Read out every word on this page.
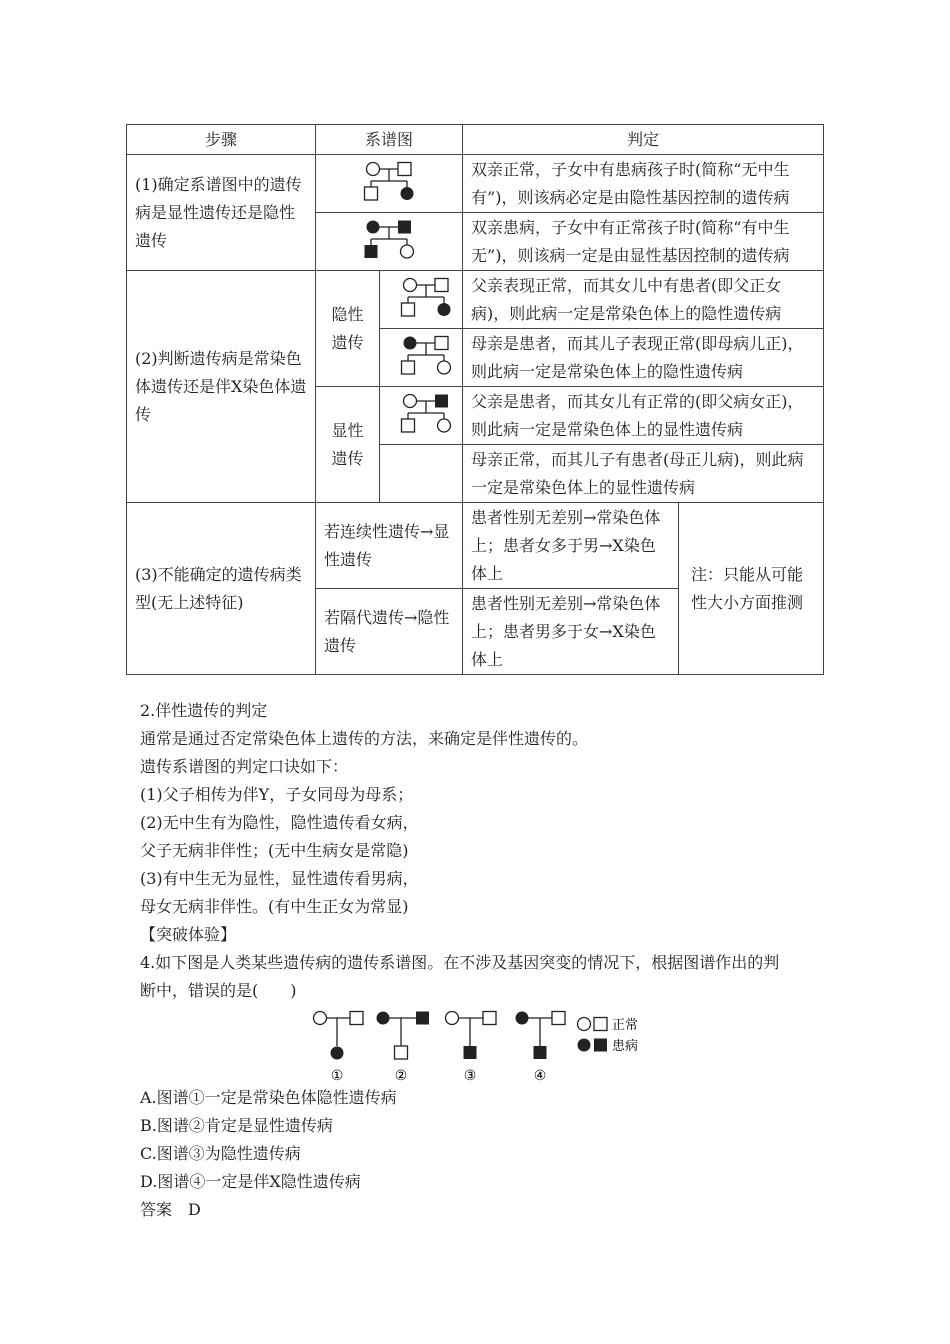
步骤	系谱图		判定	
(1)确定系谱图中的遗传病是显性遗传还是隐性遗传			双亲正常，子女中有患病孩子时(简称“无中生有”)，则该病必定是由隐性基因控制的遗传病	

	双亲患病，子女中有正常孩子时(简称“有中生无”)，则该病一定是由显性基因控制的遗传病	
(2)判断遗传病是常染色体遗传还是伴X染色体遗传	隐性遗传		父亲表现正常，而其女儿中有患者(即父正女病)，则此病一定是常染色体上的隐性遗传病	

	母亲是患者，而其儿子表现正常(即母病儿正)，则此病一定是常染色体上的隐性遗传病	
	显性遗传		父亲是患者，而其女儿有正常的(即父病女正)，则此病一定是常染色体上的显性遗传病	
			母亲正常，而其儿子有患者(母正儿病)，则此病一定是常染色体上的显性遗传病	
(3)不能确定的遗传病类型(无上述特征)	若连续性遗传→显性遗传		患者性别无差别→常染色体上；患者女多于男→X染色体上	注：只能从可能性大小方面推测
	若隔代遗传→隐性遗传		患者性别无差别→常染色体上；患者男多于女→X染色体上	
2.伴性遗传的判定
通常是通过否定常染色体上遗传的方法，来确定是伴性遗传的。
遗传系谱图的判定口诀如下：
(1)父子相传为伴Y，子女同母为母系；
(2)无中生有为隐性，隐性遗传看女病，
父子无病非伴性；(无中生病女是常隐)
(3)有中生无为显性，显性遗传看男病，
母女无病非伴性。(有中生正女为常显)
【突破体验】
4.如下图是人类某些遗传病的遗传系谱图。在不涉及基因突变的情况下，根据图谱作出的判
断中，错误的是(　　)
①	②	③	④
正常
患病
A.图谱①一定是常染色体隐性遗传病
B.图谱②肯定是显性遗传病
C.图谱③为隐性遗传病
D.图谱④一定是伴X隐性遗传病
答案　D
